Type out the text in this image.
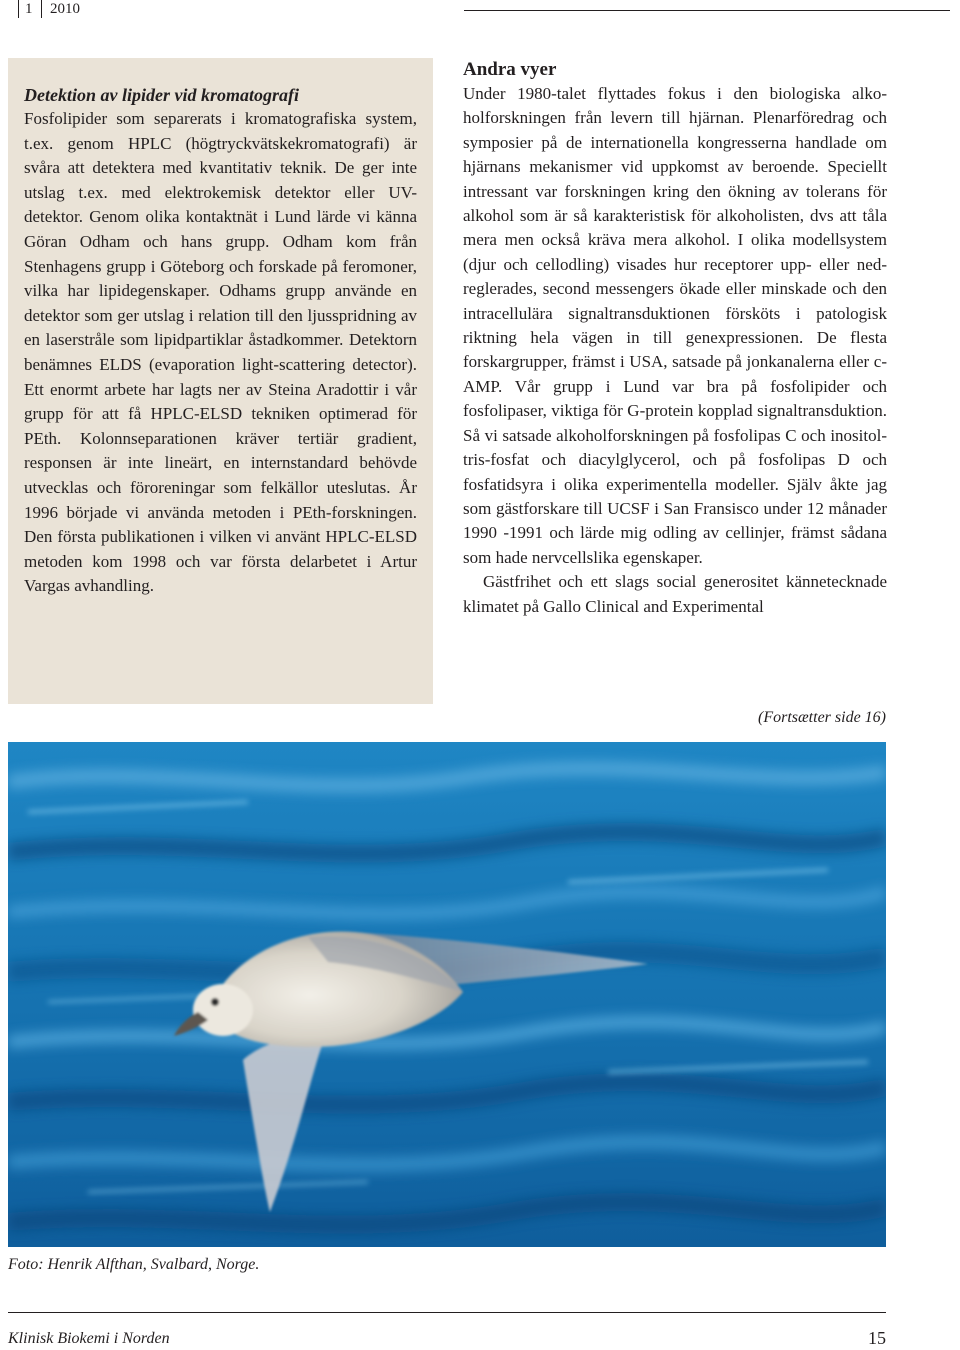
1	2010
Detektion av lipider vid kromatografi

Fosfolipider som separerats i kromatografiska system, t.ex. genom HPLC (högtryckvätskekromatografi) är svåra att detektera med kvantitativ teknik. De ger inte utslag t.ex. med elektrokemisk detektor eller UV-detektor. Genom olika kontaktnät i Lund lärde vi känna Göran Odham och hans grupp. Odham kom från Stenhagens grupp i Göteborg och forskade på feromoner, vilka har lipidegenskaper. Odhams grupp använde en detektor som ger utslag i relation till den ljusspridning av en laserstråle som lipidpartiklar åstadkommer. Detektorn benämnes ELDS (evaporation light-scattering detector). Ett enormt arbete har lagts ner av Steina Aradottir i vår grupp för att få HPLC-ELSD tekniken optimerad för PEth. Kolonnseparationen kräver tertiär gradient, responsen är inte lineärt, en internstandard behövde utvecklas och föroreningar som felkällor uteslutas. År 1996 började vi använda metoden i PEth-forskningen. Den första publikationen i vilken vi använt HPLC-ELSD metoden kom 1998 och var första delarbetet i Artur Vargas avhandling.

Andra vyer

Under 1980-talet flyttades fokus i den biologiska alkoholforskningen från levern till hjärnan. Plenarföredrag och symposier på de internationella kongresserna handlade om hjärnans mekanismer vid uppkomst av beroende. Speciellt intressant var forskningen kring den ökning av tolerans för alkohol som är så karakteristisk för alkoholisten, dvs att tåla mera men också kräva mera alkohol. I olika modellsystem (djur och cellodling) visades hur receptorer upp- eller nedreglerades, second messengers ökade eller minskade och den intracellulära signaltransduktionen försköts i patologisk riktning hela vägen in till genexpressionen. De flesta forskargrupper, främst i USA, satsade på jonkanalerna eller c-AMP. Vår grupp i Lund var bra på fosfolipider och fosfolipaser, viktiga för G-protein kopplad signaltransduktion. Så vi satsade alkoholforskningen på fosfolipas C och inositol-tris-fosfat och diacylglycerol, och på fosfolipas D och fosfatidsyra i olika experimentella modeller. Själv åkte jag som gästforskare till UCSF i San Fransisco under 12 månader 1990 -1991 och lärde mig odling av cellinjer, främst sådana som hade nervcellslika egenskaper.

Gästfrihet och ett slags social generositet kännetecknade klimatet på Gallo Clinical and Experimental

(Fortsætter side 16)
Foto: Henrik Alfthan, Svalbard, Norge.
Klinisk Biokemi i Norden	15
